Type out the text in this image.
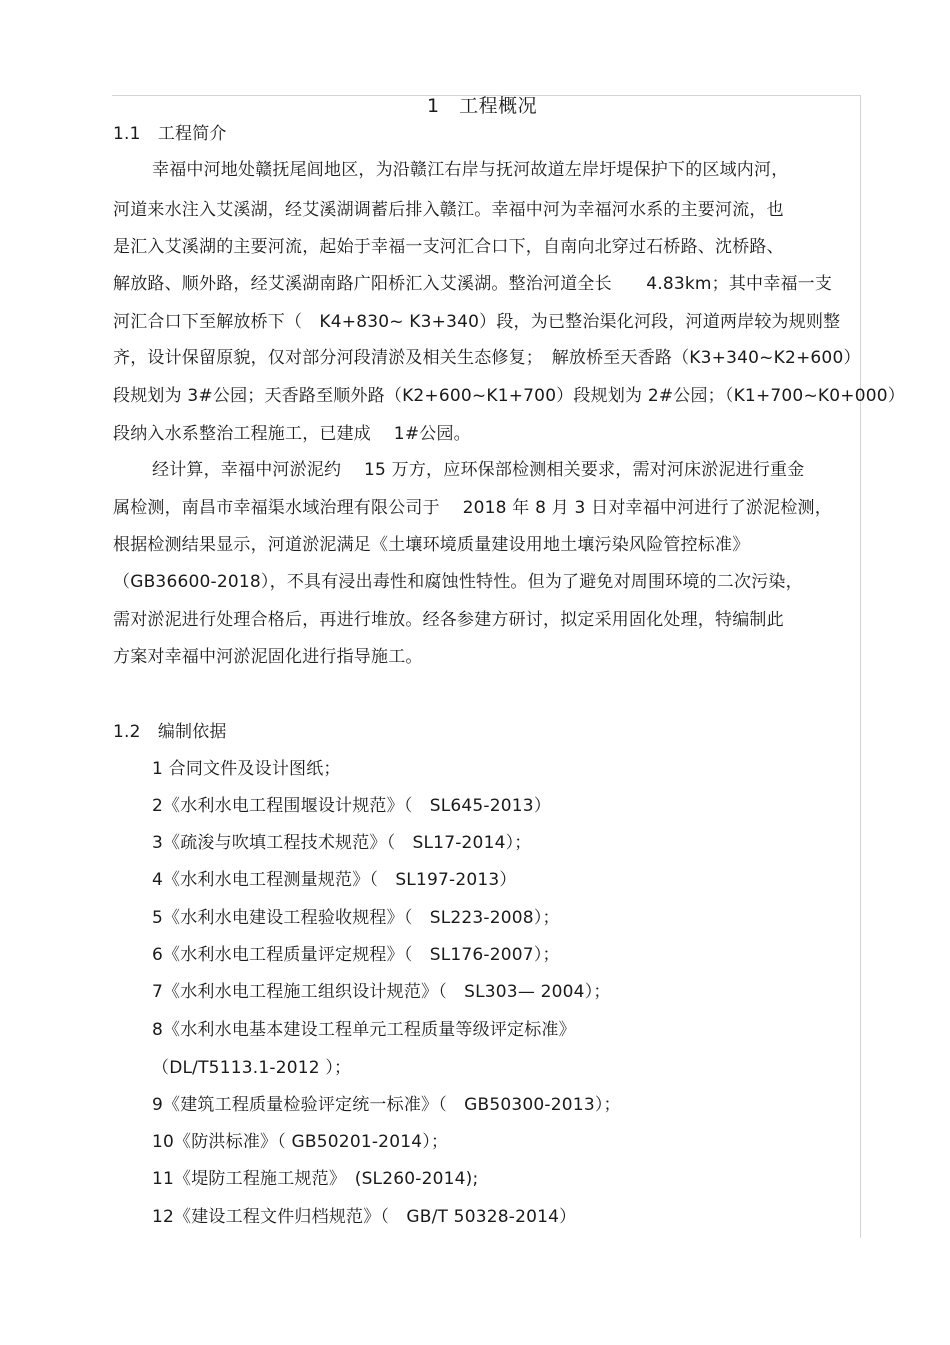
1　工程概况
1.1　工程简介
幸福中河地处赣抚尾闾地区，为沿赣江右岸与抚河故道左岸圩堤保护下的区域内河，
河道来水注入艾溪湖，经艾溪湖调蓄后排入赣江。幸福中河为幸福河水系的主要河流，也
是汇入艾溪湖的主要河流，起始于幸福一支河汇合口下，自南向北穿过石桥路、沈桥路、
解放路、顺外路，经艾溪湖南路广阳桥汇入艾溪湖。整治河道全长　　4.83km；其中幸福一支
河汇合口下至解放桥下（　K4+830~ K3+340）段，为已整治渠化河段，河道两岸较为规则整
齐，设计保留原貌，仅对部分河段清淤及相关生态修复；　解放桥至天香路（K3+340~K2+600）
段规划为 3#公园；天香路至顺外路（K2+600~K1+700）段规划为 2#公园；（K1+700~K0+000）
段纳入水系整治工程施工，已建成　 1#公园。
经计算，幸福中河淤泥约　 15 万方，应环保部检测相关要求，需对河床淤泥进行重金
属检测，南昌市幸福渠水域治理有限公司于　 2018 年 8 月 3 日对幸福中河进行了淤泥检测，
根据检测结果显示，河道淤泥满足《土壤环境质量建设用地土壤污染风险管控标准》
（GB36600-2018），不具有浸出毒性和腐蚀性特性。但为了避免对周围环境的二次污染，
需对淤泥进行处理合格后，再进行堆放。经各参建方研讨，拟定采用固化处理，特编制此
方案对幸福中河淤泥固化进行指导施工。
1.2　编制依据
1 合同文件及设计图纸；
2《水利水电工程围堰设计规范》（　SL645-2013）
3《疏浚与吹填工程技术规范》（　SL17-2014）；
4《水利水电工程测量规范》（　SL197-2013）
5《水利水电建设工程验收规程》（　SL223-2008）；
6《水利水电工程质量评定规程》（　SL176-2007）；
7《水利水电工程施工组织设计规范》（　SL303— 2004）；
8《水利水电基本建设工程单元工程质量等级评定标准》
（DL/T5113.1-2012 ）；
9《建筑工程质量检验评定统一标准》（　GB50300-2013）；
10《防洪标准》（ GB50201-2014）；
11《堤防工程施工规范》　(SL260-2014);
12《建设工程文件归档规范》（　GB/T 50328-2014）
